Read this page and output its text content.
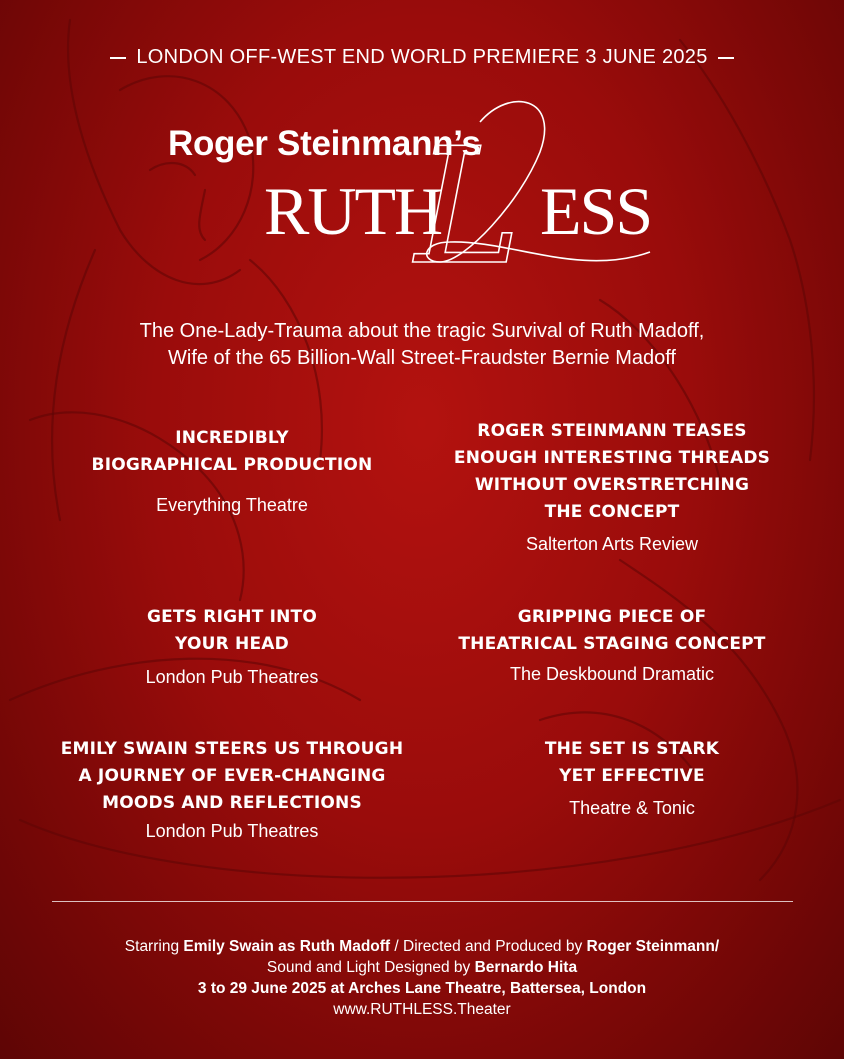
LONDON OFF-WEST END WORLD PREMIERE 3 JUNE 2025
Roger Steinmann’s
RUTH
L ESS
The One-Lady-Trauma about the tragic Survival of Ruth Madoff,
Wife of the 65 Billion-Wall Street-Fraudster Bernie Madoff
INCREDIBLY
BIOGRAPHICAL PRODUCTION
Everything Theatre
ROGER STEINMANN TEASES
ENOUGH INTERESTING THREADS
WITHOUT OVERSTRETCHING
THE CONCEPT
Salterton Arts Review
GETS RIGHT INTO
YOUR HEAD
London Pub Theatres
GRIPPING PIECE OF
THEATRICAL STAGING CONCEPT
The Deskbound Dramatic
EMILY SWAIN STEERS US THROUGH
A JOURNEY OF EVER-CHANGING
MOODS AND REFLECTIONS
London Pub Theatres
THE SET IS STARK
YET EFFECTIVE
Theatre & Tonic
Starring Emily Swain as Ruth Madoff / Directed and Produced by Roger Steinmann/
Sound and Light Designed by Bernardo Hita
3 to 29 June 2025 at Arches Lane Theatre, Battersea, London
www.RUTHLESS.Theater
